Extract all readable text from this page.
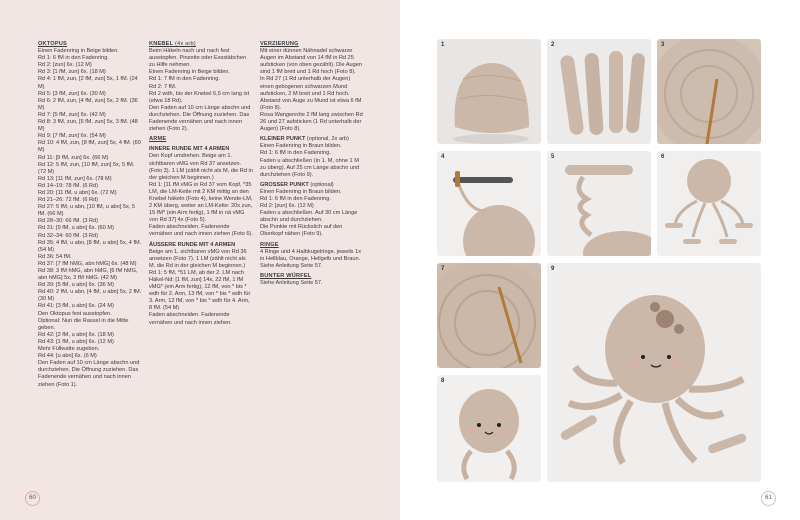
OKTOPUS

Einen Fadenring in Beige bilden.

Rd 1: 6 fM in den Fadenring.

Rd 2: [zun] 6x. (12 M)

Rd 3: [1 fM, zun] 6x. (18 M)

Rd 4: 1 fM, zun, [2 fM, zun] 5x, 1 fM. (24 M)

Rd 5: [3 fM, zun] 6x. (30 M)

Rd 6: 2 fM, zun, [4 fM, zun] 5x, 2 fM. (36 M)

Rd 7: [5 fM, zun] 6x. (42 M)

Rd 8: 3 fM, zun, [6 fM, zun] 5x, 3 fM. (48 M)

Rd 9: [7 fM, zun] 6x. (54 M)

Rd 10: 4 fM, zun, [8 fM, zun] 5x, 4 fM. (60 M)

Rd 11: [9 fM, zun] 6x. (66 M)

Rd 12: 5 fM, zun, [10 fM, zun] 5x, 5 fM. (72 M)

Rd 13: [11 fM, zun] 6x. (78 M)

Rd 14–19: 78 fM. (6 Rd)

Rd 20: [11 fM, u abn] 6x. (72 M)

Rd 21–26: 72 fM. (6 Rd)

Rd 27: 5 fM, u abn, [10 fM, u abn] 5x, 5 fM. (66 M)

Rd 28–30: 66 fM. (3 Rd)

Rd 31: [9 fM, u abn] 6x. (60 M)

Rd 32–34: 60 fM. (3 Rd)

Rd 35: 4 fM, u abn, [8 fM, u abn] 5x, 4 fM. (54 M)

Rd 36: 54 fM.

Rd 37: [7 fM hMG, abn hMG] 6x. (48 M)

Rd 38: 3 fM hMG, abn hMG, [6 fM hMG, abn hMG] 5x, 3 fM hMG. (42 M)

Rd 39: [5 fM, u abn] 6x. (36 M)

Rd 40: 2 fM, u abn, [4 fM, u abn] 5x, 2 fM. (30 M)

Rd 41: [3 fM, u abn] 6x. (24 M)

Den Oktopus fest ausstopfen.

Optional: Nun die Rassel in die Mitte geben.

Rd 42: [2 fM, u abn] 6x. (18 M)

Rd 43: [1 fM, u abn] 6x. (12 M)

Mehr Füllwatte zugeben.

Rd 44: [u abn] 6x. (6 M)

Den Faden auf 10 cm Länge abschn und durchziehen. Die Öffnung zuziehen. Das Fadenende vernähen und nach innen ziehen (Foto 1).

KNEBEL (4x arb)

Beim Häkeln nach und nach fest ausstopfen. Pinzette oder Essstäbchen zu Hilfe nehmen.

Einen Fadenring in Beige bilden.

Rd 1: 7 fM in den Fadenring.

Rd 2: 7 fM.

Rd 2 wdh, bis der Knebel 6,5 cm lang ist (etwa 18 Rd).

Den Faden auf 10 cm Länge abschn und durchziehen. Die Öffnung zuziehen. Das Fadenende vernähen und nach innen ziehen (Foto 2).

ARME

INNERE RUNDE MIT 4 ARMEN

Den Kopf umdrehen. Beige am 1. sichtbaren vMG von Rd 37 ansetzen. (Foto 3). 1 LM (zählt nicht als M, die Rd in der gleichen M beginnen.)

Rd 1: [11 fM vMG in Rd 37 vom Kopf, *35 LM, die LM-Kette mit 2 KM mittig an den Knebel häkeln (Foto 4), keine Wende-LM, 2 KM überg, weiter an LM-Kette: 20x zun, 15 fM* (ein Arm fertig), 1 fM in nä vMG von Rd 37] 4x (Foto 5).

Faden abschneiden. Fadenende vernähen und nach innen ziehen (Foto 6).

ÄUSSERE RUNDE MIT 4 ARMEN

Beige am 1. sichtbaren vMG von Rd 36 ansetzen (Foto 7). 1 LM (zählt nicht als M, die Rd in der gleichen M beginnen.)

Rd 1: 5 fM, *51 LM, ab der 2. LM nach Häkel-Nd: [1 fM, zun] 14x, 22 fM, 1 fM vMG* (ein Arm fertig), 12 fM, von * bis * wdh für 2. Arm, 13 fM, von * bis * wdh für 3. Arm, 12 fM, von * bis * wdh für 4. Arm, 8 fM. (54 M)

Faden abschneiden. Fadenende vernähen und nach innen ziehen.

VERZIERUNG

Mit einer dünnen Nähnadel schwarze Augen im Abstand von 14 fM in Rd 25 aufsticken (von oben gezählt). Die Augen sind 1 fM breit und 1 Rd hoch (Foto 8).

In Rd 27 (1 Rd unterhalb der Augen) einen gebogenen schwarzen Mund aufsticken, 2 M breit und 1 Rd hoch. Abstand von Auge zu Mund ist etwa 6 fM (Foto 8).

Rosa Wangenröte 2 fM lang zwischen Rd 26 und 27 aufsticken (1 Rd unterhalb der Augen) (Foto 8).

KLEINER PUNKT (optional, 2x arb)

Einen Fadenring in Braun bilden.

Rd 1: 6 fM in den Fadenring.

Faden u abschließen (in 1. M, ohne 1 M zu überg). Auf 25 cm Länge abschn und durchziehen (Foto 9).

GROSSER PUNKT (optional)

Einen Fadenring in Braun bilden.

Rd 1: 6 fM in den Fadenring.

Rd 2: [zun] 6x. (12 M)

Faden u abschließen. Auf 30 cm Länge abschn und durchziehen.

Die Punkte mit Rückstich auf den Oberkopf nähen (Foto 9).

RINGE

4 Ringe und 4 Halbkugelringe, jeweils 1x in Hellblau, Orange, Hellgelb und Braun. Siehe Anleitung Seite 57.

BUNTER WÜRFEL

Siehe Anleitung Seite 57.

60	61
1	2	3
4	5	6
7
8
9
